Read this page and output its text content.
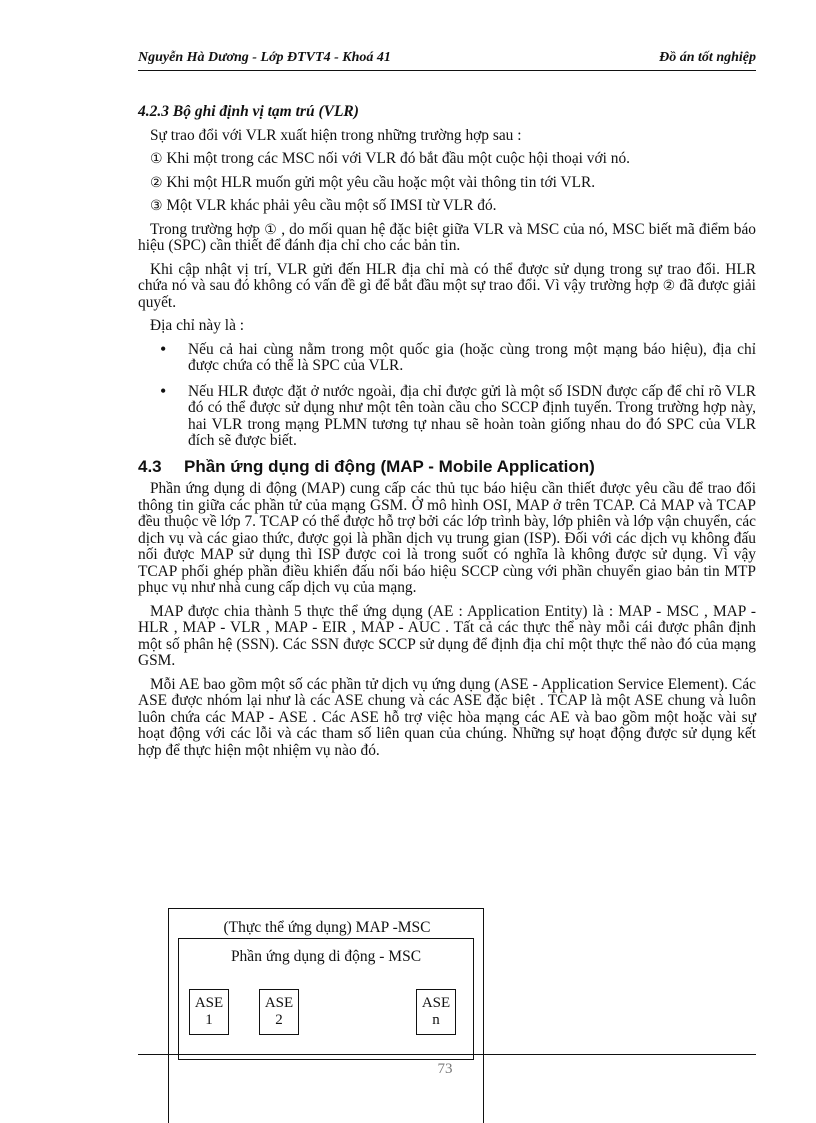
Nguyễn Hà Dương - Lớp ĐTVT4 - Khoá 41	Đồ án tốt nghiệp
4.2.3 Bộ ghi định vị tạm trú (VLR)
Sự trao đổi với VLR xuất hiện trong những trường hợp sau :
① Khi một trong các MSC nối với VLR đó bắt đầu một cuộc hội thoại với nó.
② Khi một HLR muốn gửi một yêu cầu hoặc một vài thông tin tới VLR.
③ Một VLR khác phải yêu cầu một số IMSI từ VLR đó.
Trong trường hợp ① , do mối quan hệ đặc biệt giữa VLR và MSC của nó, MSC biết mã điểm báo hiệu (SPC) cần thiết để đánh địa chỉ cho các bản tin.
Khi cập nhật vị trí, VLR gửi đến HLR địa chỉ mà có thể được sử dụng trong sự trao đổi. HLR chứa nó và sau đó không có vấn đề gì để bắt đầu một sự trao đổi. Vì vậy trường hợp ② đã được giải quyết.
Địa chỉ này là :
• Nếu cả hai cùng nằm trong một quốc gia (hoặc cùng trong một mạng báo hiệu), địa chỉ được chứa có thể là SPC của VLR.
• Nếu HLR được đặt ở nước ngoài, địa chỉ được gửi là một số ISDN được cấp để chỉ rõ VLR đó có thể được sử dụng như một tên toàn cầu cho SCCP định tuyến. Trong trường hợp này, hai VLR trong mạng PLMN tương tự nhau sẽ hoàn toàn giống nhau do đó SPC của VLR đích sẽ được biết.
4.3 Phần ứng dụng di động (MAP - Mobile Application)
Phần ứng dụng di động (MAP) cung cấp các thủ tục báo hiệu cần thiết được yêu cầu để trao đổi thông tin giữa các phần tử của mạng GSM. Ở mô hình OSI, MAP ở trên TCAP. Cả MAP và TCAP đều thuộc về lớp 7. TCAP có thể được hỗ trợ bởi các lớp trình bày, lớp phiên và lớp vận chuyển, các dịch vụ và các giao thức, được gọi là phần dịch vụ trung gian (ISP). Đối với các dịch vụ không đấu nối được MAP sử dụng thì ISP được coi là trong suốt có nghĩa là không được sử dụng. Vì vậy TCAP phối ghép phần điều khiển đấu nối báo hiệu SCCP cùng với phần chuyển giao bản tin MTP phục vụ như nhà cung cấp dịch vụ của mạng.
MAP được chia thành 5 thực thể ứng dụng (AE : Application Entity) là : MAP - MSC , MAP - HLR , MAP - VLR , MAP - EIR , MAP - AUC . Tất cả các thực thể này mỗi cái được phân định một số phân hệ (SSN). Các SSN được SCCP sử dụng để định địa chỉ một thực thể nào đó của mạng GSM.
Mỗi AE bao gồm một số các phần tử dịch vụ ứng dụng (ASE - Application Service Element). Các ASE được nhóm lại như là các ASE chung và các ASE đặc biệt . TCAP là một ASE chung và luôn luôn chứa các MAP - ASE . Các ASE hỗ trợ việc hòa mạng các AE và bao gồm một hoặc vài sự hoạt động với các lỗi và các tham số liên quan của chúng. Những sự hoạt động được sử dụng kết hợp để thực hiện một nhiệm vụ nào đó.
(Thực thể ứng dụng) MAP -MSC
Phần ứng dụng di động - MSC
ASE
1
ASE
2
ASE
n
73
